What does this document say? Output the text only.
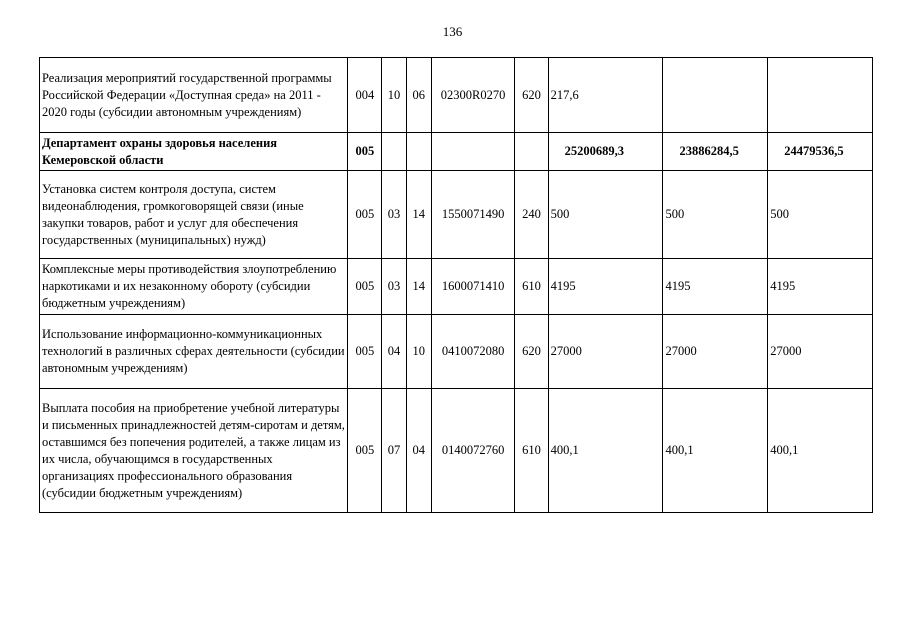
136
Реализация мероприятий государственной программы Российской Федерации «Доступная среда» на 2011 - 2020 годы (субсидии автономным учреждениям)	004	10	06	02300R0270	620	217,6		
Департамент охраны здоровья населения Кемеровской области	005					25200689,3	23886284,5	24479536,5
Установка систем контроля доступа, систем видеонаблюдения, громкоговорящей связи (иные закупки товаров, работ и услуг для обеспечения государственных (муниципальных) нужд)	005	03	14	1550071490	240	500	500	500
Комплексные меры противодействия злоупотреблению наркотиками и их незаконному обороту (субсидии бюджетным учреждениям)	005	03	14	1600071410	610	4195	4195	4195
Использование информационно-коммуникационных технологий в различных сферах деятельности (субсидии автономным учреждениям)	005	04	10	0410072080	620	27000	27000	27000
Выплата пособия на приобретение учебной литературы и письменных принадлежностей детям-сиротам и детям, оставшимся без попечения родителей, а также лицам из их числа, обучающимся в государственных организациях профессионального образования (субсидии бюджетным учреждениям)	005	07	04	0140072760	610	400,1	400,1	400,1
